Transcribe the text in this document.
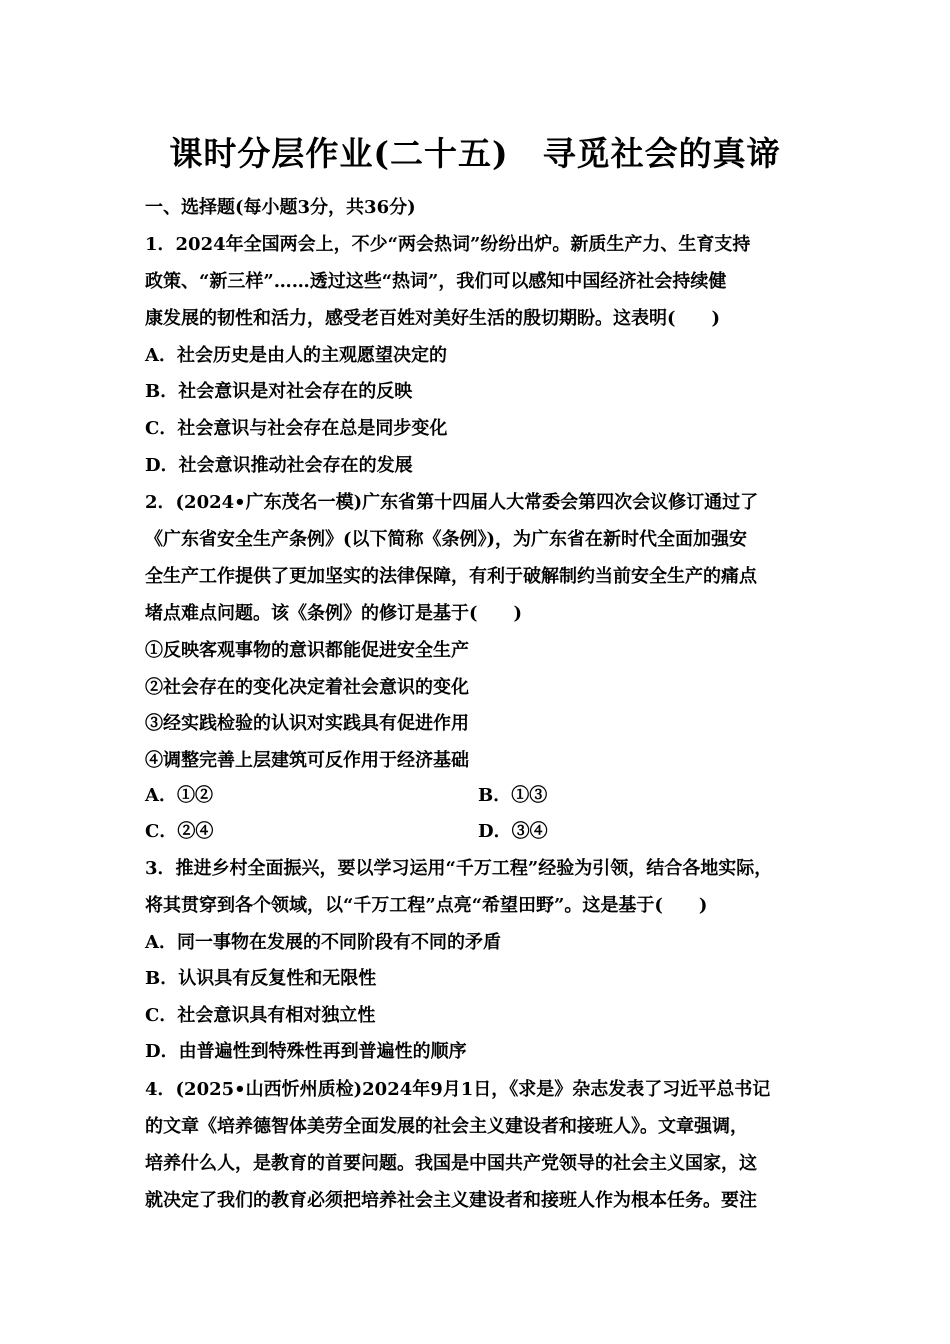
课时分层作业(二十五)　寻觅社会的真谛
一、选择题(每小题3分，共36分)
1．2024年全国两会上，不少“两会热词”纷纷出炉。新质生产力、生育支持
政策、“新三样”……透过这些“热词”，我们可以感知中国经济社会持续健
康发展的韧性和活力，感受老百姓对美好生活的殷切期盼。这表明(　　)
A．社会历史是由人的主观愿望决定的
B．社会意识是对社会存在的反映
C．社会意识与社会存在总是同步变化
D．社会意识推动社会存在的发展
2．(2024•广东茂名一模)广东省第十四届人大常委会第四次会议修订通过了
《广东省安全生产条例》(以下简称《条例》)，为广东省在新时代全面加强安
全生产工作提供了更加坚实的法律保障，有利于破解制约当前安全生产的痛点
堵点难点问题。该《条例》的修订是基于(　　)
①反映客观事物的意识都能促进安全生产
②社会存在的变化决定着社会意识的变化
③经实践检验的认识对实践具有促进作用
④调整完善上层建筑可反作用于经济基础
A．①②	B．①③
C．②④	D．③④
3．推进乡村全面振兴，要以学习运用“千万工程”经验为引领，结合各地实际，
将其贯穿到各个领域，以“千万工程”点亮“希望田野”。这是基于(　　)
A．同一事物在发展的不同阶段有不同的矛盾
B．认识具有反复性和无限性
C．社会意识具有相对独立性
D．由普遍性到特殊性再到普遍性的顺序
4．(2025•山西忻州质检)2024年9月1日，《求是》杂志发表了习近平总书记
的文章《培养德智体美劳全面发展的社会主义建设者和接班人》。文章强调，
培养什么人，是教育的首要问题。我国是中国共产党领导的社会主义国家，这
就决定了我们的教育必须把培养社会主义建设者和接班人作为根本任务。要注
